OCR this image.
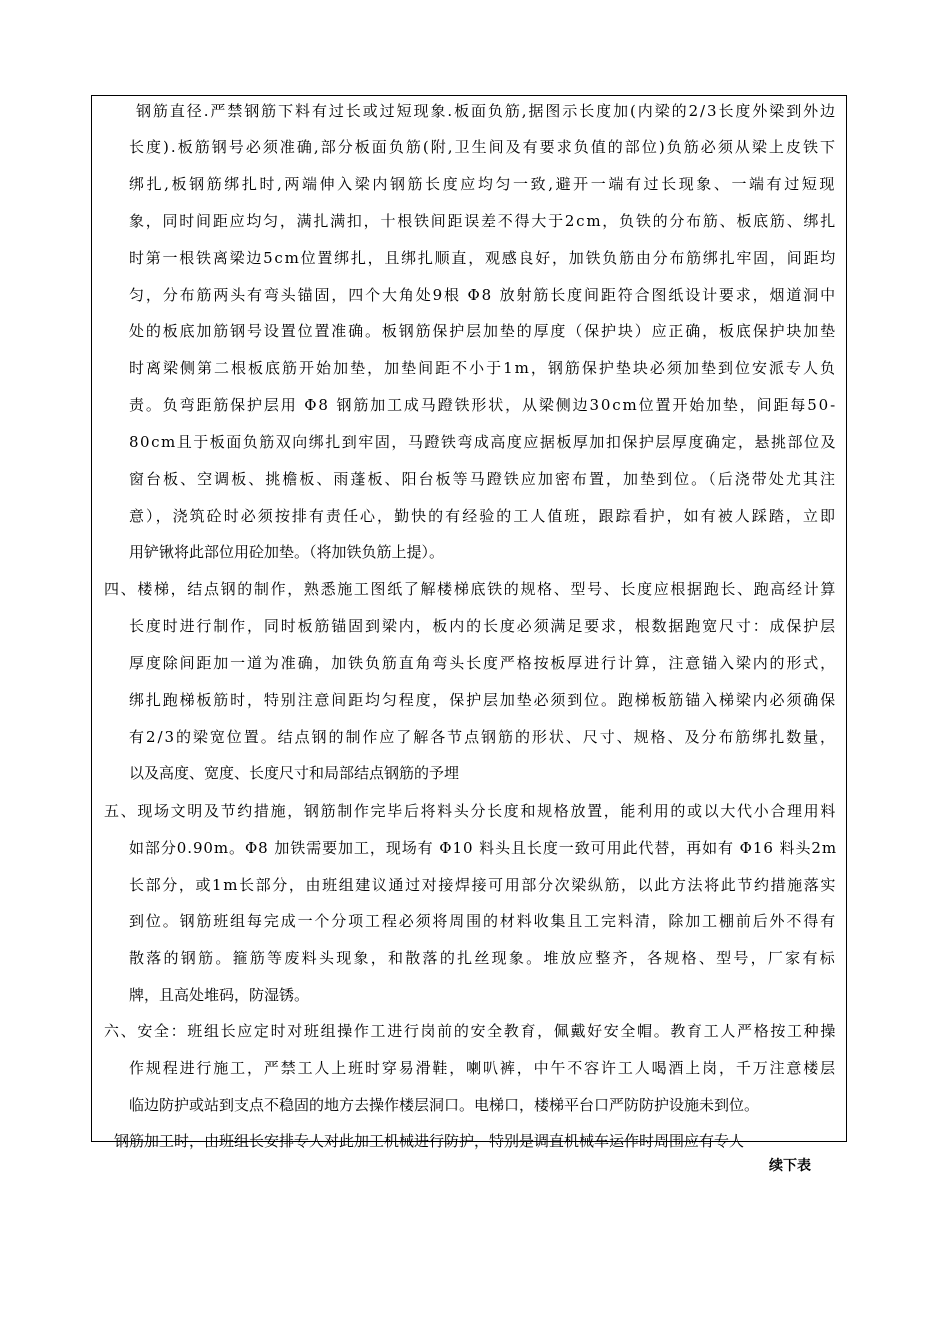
钢筋直径.严禁钢筋下料有过长或过短现象.板面负筋,据图示长度加(内梁的2/3长度外梁到外边
长度).板筋钢号必须准确,部分板面负筋(附,卫生间及有要求负值的部位)负筋必须从梁上皮铁下
绑扎,板钢筋绑扎时,两端伸入梁内钢筋长度应均匀一致,避开一端有过长现象、一端有过短现
象，同时间距应均匀，满扎满扣，十根铁间距误差不得大于2cm，负铁的分布筋、板底筋、绑扎
时第一根铁离梁边5cm位置绑扎，且绑扎顺直，观感良好，加铁负筋由分布筋绑扎牢固，间距均
匀，分布筋两头有弯头锚固，四个大角处9根 Φ8 放射筋长度间距符合图纸设计要求，烟道洞中
处的板底加筋钢号设置位置准确。板钢筋保护层加垫的厚度（保护块）应正确，板底保护块加垫
时离梁侧第二根板底筋开始加垫，加垫间距不小于1m，钢筋保护垫块必须加垫到位安派专人负
责。负弯距筋保护层用 Φ8 钢筋加工成马蹬铁形状，从梁侧边30cm位置开始加垫，间距每50-
80cm且于板面负筋双向绑扎到牢固，马蹬铁弯成高度应据板厚加扣保护层厚度确定，悬挑部位及
窗台板、空调板、挑檐板、雨蓬板、阳台板等马蹬铁应加密布置，加垫到位。（后浇带处尤其注
意），浇筑砼时必须按排有责任心，勤快的有经验的工人值班，跟踪看护，如有被人踩踏，立即
用铲锹将此部位用砼加垫。（将加铁负筋上提）。
四、楼梯，结点钢的制作，熟悉施工图纸了解楼梯底铁的规格、型号、长度应根据跑长、跑高经计算
长度时进行制作，同时板筋锚固到梁内，板内的长度必须满足要求，根数据跑宽尺寸：成保护层
厚度除间距加一道为准确，加铁负筋直角弯头长度严格按板厚进行计算，注意锚入梁内的形式，
绑扎跑梯板筋时，特别注意间距均匀程度，保护层加垫必须到位。跑梯板筋锚入梯梁内必须确保
有2/3的梁宽位置。结点钢的制作应了解各节点钢筋的形状、尺寸、规格、及分布筋绑扎数量，
以及高度、宽度、长度尺寸和局部结点钢筋的予埋
五、现场文明及节约措施，钢筋制作完毕后将料头分长度和规格放置，能利用的或以大代小合理用料
如部分0.90m。Φ8 加铁需要加工，现场有 Φ10 料头且长度一致可用此代替，再如有 Φ16 料头2m
长部分，或1m长部分，由班组建议通过对接焊接可用部分次梁纵筋，以此方法将此节约措施落实
到位。钢筋班组每完成一个分项工程必须将周围的材料收集且工完料清，除加工棚前后外不得有
散落的钢筋。箍筋等废料头现象，和散落的扎丝现象。堆放应整齐，各规格、型号，厂家有标
牌，且高处堆码，防湿锈。
六、安全：班组长应定时对班组操作工进行岗前的安全教育，佩戴好安全帽。教育工人严格按工种操
作规程进行施工，严禁工人上班时穿易滑鞋，喇叭裤，中午不容许工人喝酒上岗，千万注意楼层
临边防护或站到支点不稳固的地方去操作楼层洞口。电梯口，楼梯平台口严防防护设施未到位。
钢筋加工时，由班组长安排专人对此加工机械进行防护，特别是调直机械车运作时周围应有专人
续下表
